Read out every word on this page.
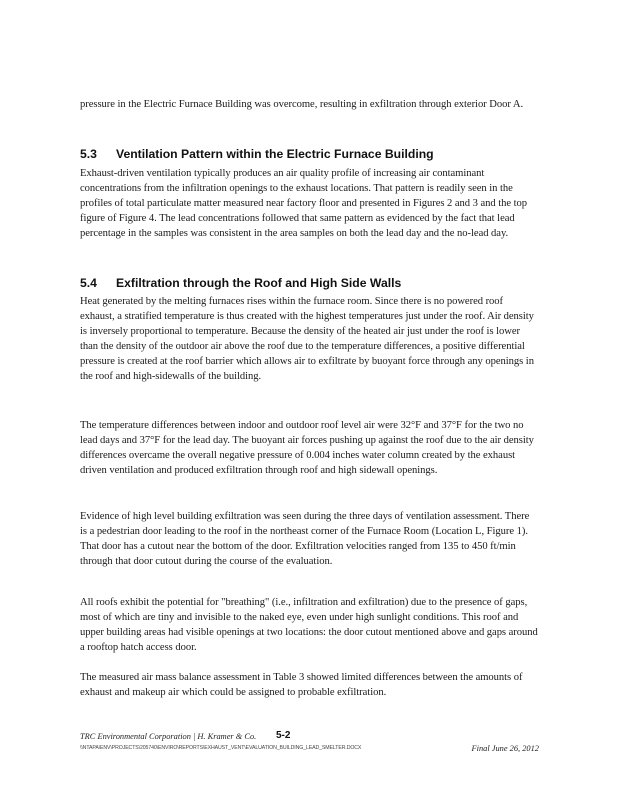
pressure in the Electric Furnace Building was overcome, resulting in exfiltration through exterior Door A.

5.3 Ventilation Pattern within the Electric Furnace Building

Exhaust-driven ventilation typically produces an air quality profile of increasing air contaminant concentrations from the infiltration openings to the exhaust locations. That pattern is readily seen in the profiles of total particulate matter measured near factory floor and presented in Figures 2 and 3 and the top figure of Figure 4. The lead concentrations followed that same pattern as evidenced by the fact that lead percentage in the samples was consistent in the area samples on both the lead day and the no-lead day.

5.4 Exfiltration through the Roof and High Side Walls

Heat generated by the melting furnaces rises within the furnace room. Since there is no powered roof exhaust, a stratified temperature is thus created with the highest temperatures just under the roof. Air density is inversely proportional to temperature. Because the density of the heated air just under the roof is lower than the density of the outdoor air above the roof due to the temperature differences, a positive differential pressure is created at the roof barrier which allows air to exfiltrate by buoyant force through any openings in the roof and high-sidewalls of the building.

The temperature differences between indoor and outdoor roof level air were 32°F and 37°F for the two no lead days and 37°F for the lead day. The buoyant air forces pushing up against the roof due to the air density differences overcame the overall negative pressure of 0.004 inches water column created by the exhaust driven ventilation and produced exfiltration through roof and high sidewall openings.

Evidence of high level building exfiltration was seen during the three days of ventilation assessment. There is a pedestrian door leading to the roof in the northeast corner of the Furnace Room (Location L, Figure 1). That door has a cutout near the bottom of the door. Exfiltration velocities ranged from 135 to 450 ft/min through that door cutout during the course of the evaluation.

All roofs exhibit the potential for "breathing" (i.e., infiltration and exfiltration) due to the presence of gaps, most of which are tiny and invisible to the naked eye, even under high sunlight conditions. This roof and upper building areas had visible openings at two locations: the door cutout mentioned above and gaps around a rooftop hatch access door.

The measured air mass balance assessment in Table 3 showed limited differences between the amounts of exhaust and makeup air which could be assigned to probable exfiltration.

TRC Environmental Corporation | H. Kramer & Co. 5-2
\\NTAPA\ENV\PROJECTS\205740\ENVIRO\REPORTS\EXHAUST_VENT\EVALUATION_BUILDING_LEAD_SMELTER.DOCX	Final June 26, 2012
